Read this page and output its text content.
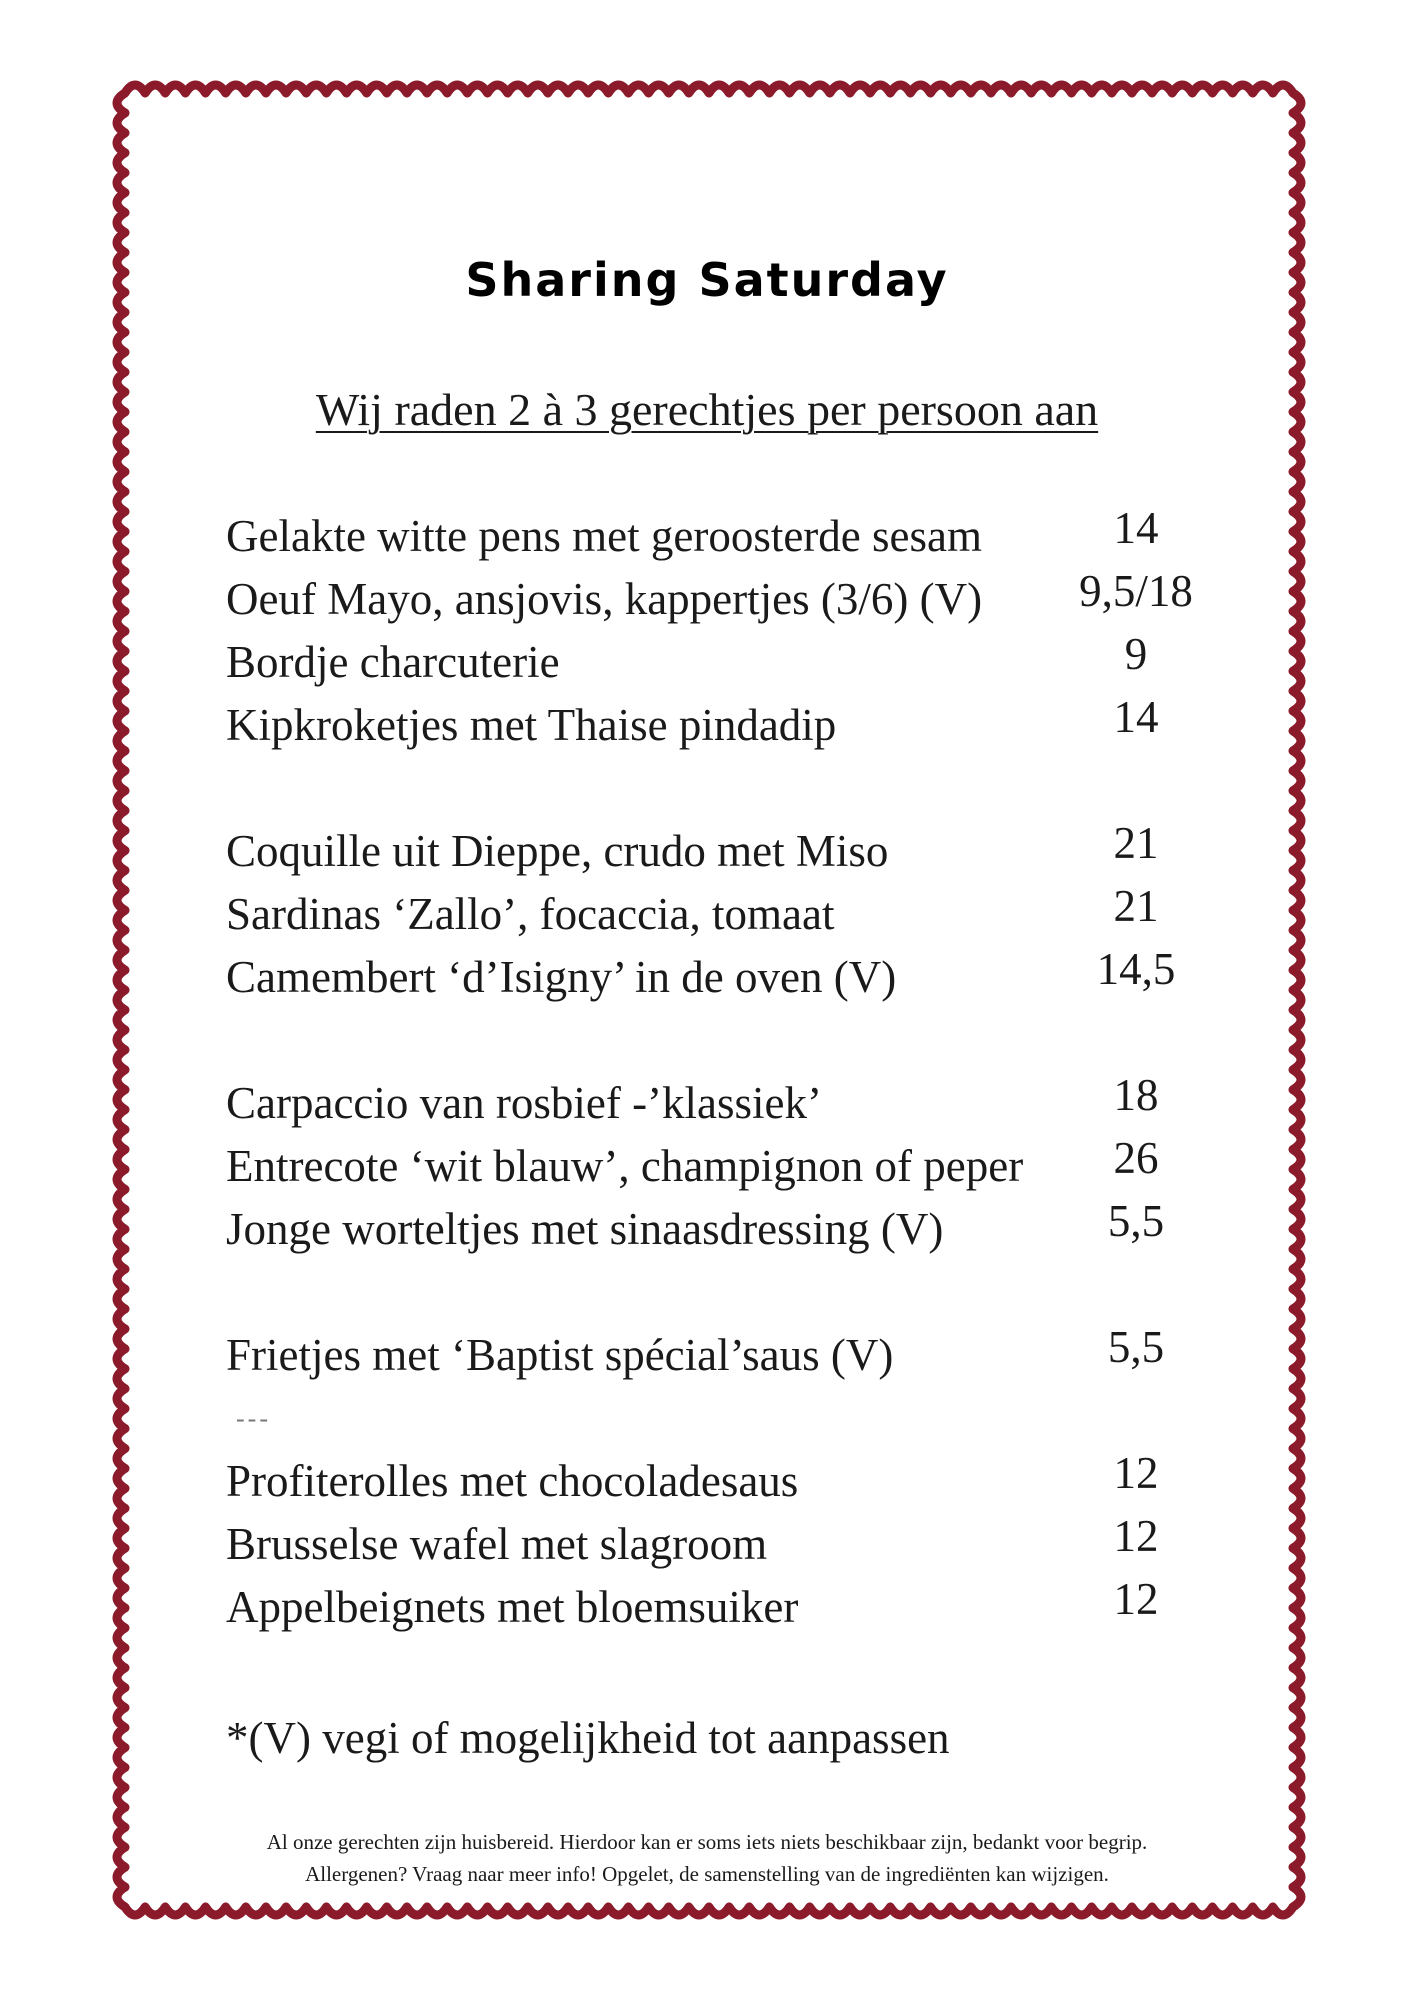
Sharing Saturday
Wij raden 2 à 3 gerechtjes per persoon aan
Gelakte witte pens met geroosterde sesam	14
Oeuf Mayo, ansjovis, kappertjes (3/6) (V)	9,5/18
Bordje charcuterie	9
Kipkroketjes met Thaise pindadip	14
Coquille uit Dieppe, crudo met Miso	21
Sardinas ‘Zallo’, focaccia, tomaat	21
Camembert ‘d’Isigny’ in de oven (V)	14,5
Carpaccio van rosbief -’klassiek’	18
Entrecote ‘wit blauw’, champignon of peper	26
Jonge worteltjes met sinaasdressing (V)	5,5
Frietjes met ‘Baptist spécial’saus (V)	5,5
---
Profiterolles met chocoladesaus	12
Brusselse wafel met slagroom	12
Appelbeignets met bloemsuiker	12
*(V) vegi of mogelijkheid tot aanpassen
Al onze gerechten zijn huisbereid. Hierdoor kan er soms iets niets beschikbaar zijn, bedankt voor begrip.
Allergenen? Vraag naar meer info! Opgelet, de samenstelling van de ingrediënten kan wijzigen.
